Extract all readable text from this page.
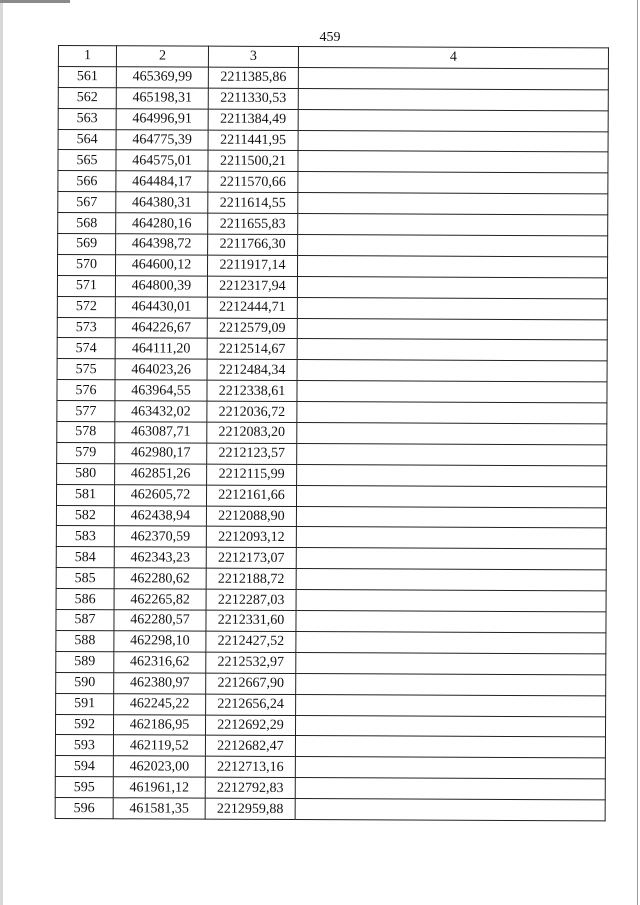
459
1	2	3	4
561	465369,99	2211385,86	
562	465198,31	2211330,53	
563	464996,91	2211384,49	
564	464775,39	2211441,95	
565	464575,01	2211500,21	
566	464484,17	2211570,66	
567	464380,31	2211614,55	
568	464280,16	2211655,83	
569	464398,72	2211766,30	
570	464600,12	2211917,14	
571	464800,39	2212317,94	
572	464430,01	2212444,71	
573	464226,67	2212579,09	
574	464111,20	2212514,67	
575	464023,26	2212484,34	
576	463964,55	2212338,61	
577	463432,02	2212036,72	
578	463087,71	2212083,20	
579	462980,17	2212123,57	
580	462851,26	2212115,99	
581	462605,72	2212161,66	
582	462438,94	2212088,90	
583	462370,59	2212093,12	
584	462343,23	2212173,07	
585	462280,62	2212188,72	
586	462265,82	2212287,03	
587	462280,57	2212331,60	
588	462298,10	2212427,52	
589	462316,62	2212532,97	
590	462380,97	2212667,90	
591	462245,22	2212656,24	
592	462186,95	2212692,29	
593	462119,52	2212682,47	
594	462023,00	2212713,16	
595	461961,12	2212792,83	
596	461581,35	2212959,88	
